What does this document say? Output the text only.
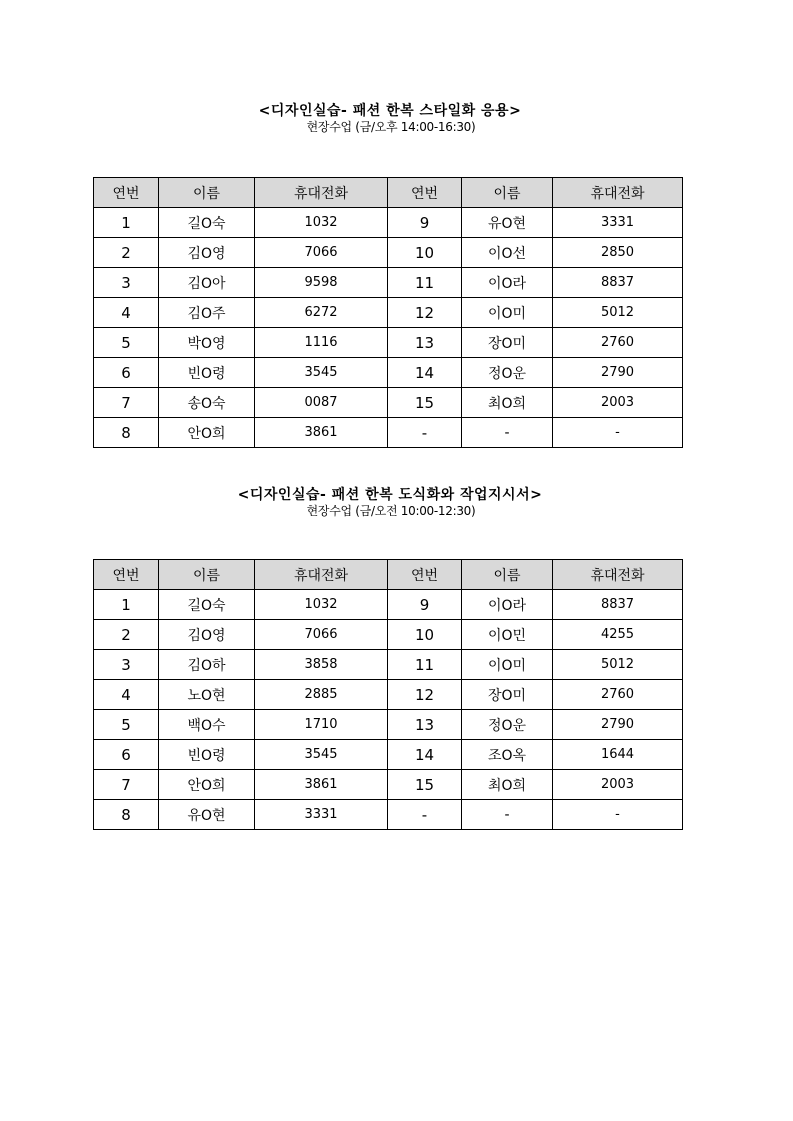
<디자인실습- 패션 한복 스타일화 응용>
현장수업 (금/오후 14:00-16:30)
연번	이름	휴대전화	연번	이름	휴대전화
1	길O숙	1032	9	유O현	3331
2	김O영	7066	10	이O선	2850
3	김O아	9598	11	이O라	8837
4	김O주	6272	12	이O미	5012
5	박O영	1116	13	장O미	2760
6	빈O령	3545	14	정O운	2790
7	송O숙	0087	15	최O희	2003
8	안O희	3861	-	-	-
<디자인실습- 패션 한복 도식화와 작업지시서>
현장수업 (금/오전 10:00-12:30)
연번	이름	휴대전화	연번	이름	휴대전화
1	길O숙	1032	9	이O라	8837
2	김O영	7066	10	이O민	4255
3	김O하	3858	11	이O미	5012
4	노O현	2885	12	장O미	2760
5	백O수	1710	13	정O운	2790
6	빈O령	3545	14	조O옥	1644
7	안O희	3861	15	최O희	2003
8	유O현	3331	-	-	-
